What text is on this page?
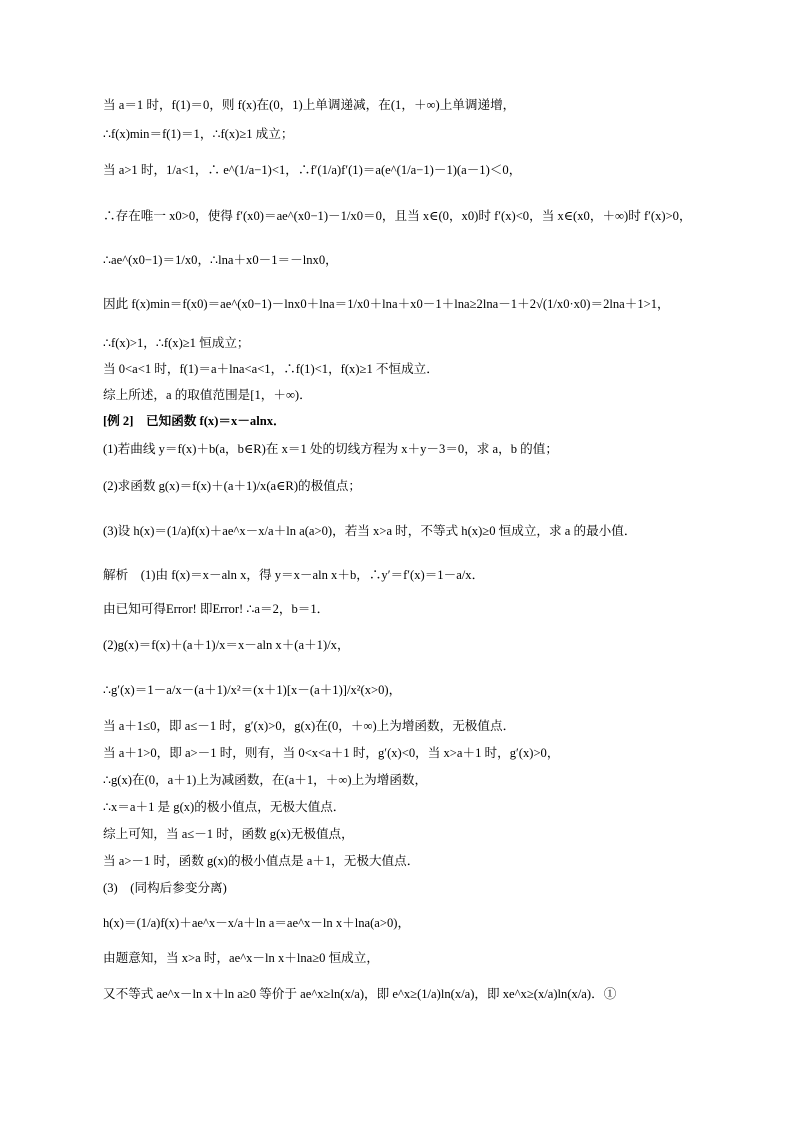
当 a＝1 时，f(1)＝0，则 f(x)在(0，1)上单调递减，在(1，＋∞)上单调递增，
∴f(x)min＝f(1)＝1，∴f(x)≥1 成立；
当 a>1 时，1/a<1，∴ e^(1/a−1)<1，∴f′(1/a)f′(1)＝a(e^(1/a−1)－1)(a－1)＜0，
∴存在唯一 x0>0，使得 f′(x0)＝ae^(x0−1)－1/x0＝0，且当 x∈(0，x0)时 f′(x)<0，当 x∈(x0，＋∞)时 f′(x)>0，
∴ae^(x0−1)＝1/x0，∴lna＋x0－1＝－lnx0，
因此 f(x)min＝f(x0)＝ae^(x0−1)－lnx0＋lna＝1/x0＋lna＋x0－1＋lna≥2lna－1＋2√(1/x0·x0)＝2lna＋1>1，
∴f(x)>1，∴f(x)≥1 恒成立；
当 0<a<1 时，f(1)＝a＋lna<a<1，∴f(1)<1，f(x)≥1 不恒成立．
综上所述，a 的取值范围是[1，＋∞)．
[例 2]　已知函数 f(x)＝x－alnx．
(1)若曲线 y＝f(x)＋b(a，b∈R)在 x＝1 处的切线方程为 x＋y－3＝0，求 a，b 的值；
(2)求函数 g(x)＝f(x)＋(a＋1)/x(a∈R)的极值点；
(3)设 h(x)＝(1/a)f(x)＋ae^x－x/a＋ln a(a>0)，若当 x>a 时，不等式 h(x)≥0 恒成立，求 a 的最小值．
解析　(1)由 f(x)＝x－aln x，得 y＝x－aln x＋b，∴y′＝f′(x)＝1－a/x．
由已知可得Error! 即Error! ∴a＝2，b＝1．
(2)g(x)＝f(x)＋(a＋1)/x＝x－aln x＋(a＋1)/x，
∴g′(x)＝1－a/x－(a＋1)/x²＝(x＋1)[x－(a＋1)]/x²(x>0)，
当 a＋1≤0，即 a≤－1 时，g′(x)>0，g(x)在(0，＋∞)上为增函数，无极值点．
当 a＋1>0，即 a>－1 时，则有，当 0<x<a＋1 时，g′(x)<0，当 x>a＋1 时，g′(x)>0，
∴g(x)在(0，a＋1)上为减函数，在(a＋1，＋∞)上为增函数，
∴x＝a＋1 是 g(x)的极小值点，无极大值点．
综上可知，当 a≤－1 时，函数 g(x)无极值点，
当 a>－1 时，函数 g(x)的极小值点是 a＋1，无极大值点．
(3)　(同构后参变分离)
h(x)＝(1/a)f(x)＋ae^x－x/a＋ln a＝ae^x－ln x＋lna(a>0)，
由题意知，当 x>a 时，ae^x－ln x＋lna≥0 恒成立，
又不等式 ae^x－ln x＋ln a≥0 等价于 ae^x≥ln(x/a)，即 e^x≥(1/a)ln(x/a)，即 xe^x≥(x/a)ln(x/a)．①
